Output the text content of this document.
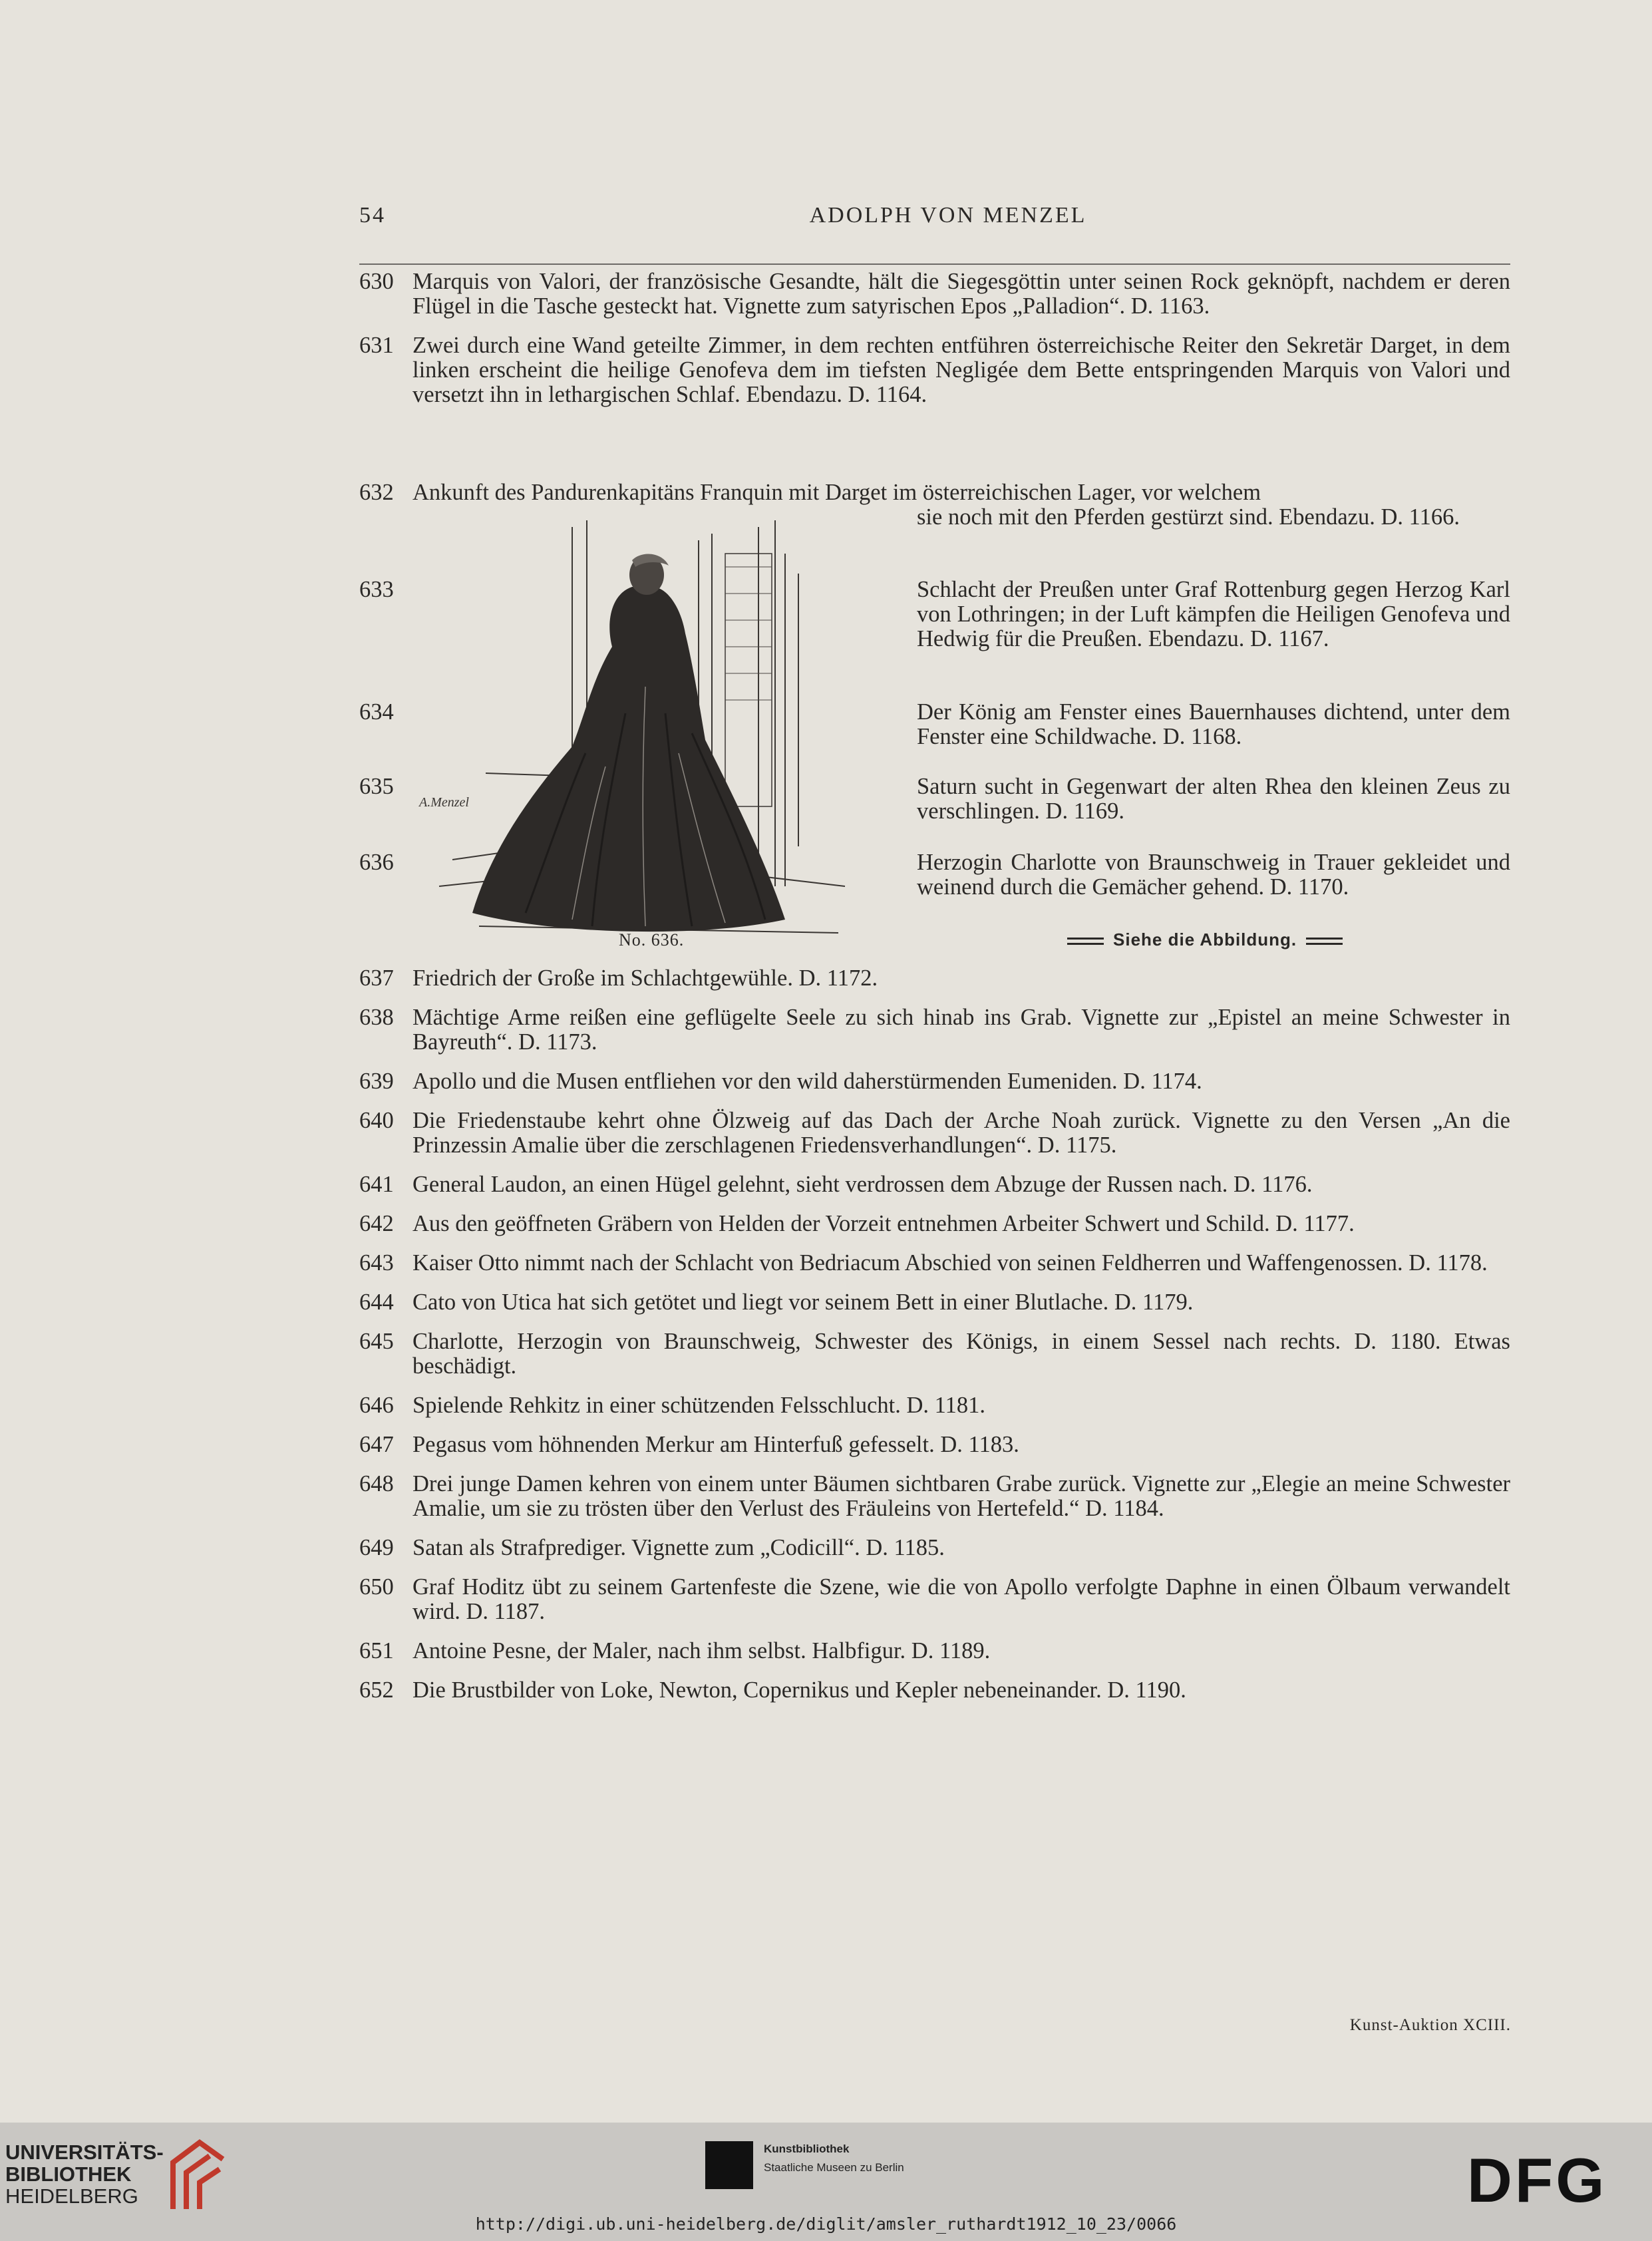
54	ADOLPH VON MENZEL
630 Marquis von Valori, der französische Gesandte, hält die Siegesgöttin unter seinen Rock geknöpft, nachdem er deren Flügel in die Tasche gesteckt hat. Vignette zum satyrischen Epos „Palladion“. D. 1163.
631 Zwei durch eine Wand geteilte Zimmer, in dem rechten entführen österreichische Reiter den Sekretär Darget, in dem linken erscheint die heilige Genofeva dem im tiefsten Negligée dem Bette entspringenden Marquis von Valori und versetzt ihn in lethargischen Schlaf. Ebendazu. D. 1164.
632 Ankunft des Pandurenkapitäns Franquin mit Darget im österreichischen Lager, vor welchem
sie noch mit den Pferden gestürzt sind. Ebendazu. D. 1166.
633	Schlacht der Preußen unter Graf Rottenburg gegen Herzog Karl von Lothringen; in der Luft kämpfen die Heiligen Genofeva und Hedwig für die Preußen. Ebendazu. D. 1167.
634	Der König am Fenster eines Bauernhauses dichtend, unter dem Fenster eine Schildwache. D. 1168.
635	Saturn sucht in Gegenwart der alten Rhea den kleinen Zeus zu verschlingen. D. 1169.
636	Herzogin Charlotte von Braunschweig in Trauer gekleidet und weinend durch die Gemächer gehend. D. 1170.
A.Menzel
No. 636.	Siehe die Abbildung.
637 Friedrich der Große im Schlachtgewühle. D. 1172.
638 Mächtige Arme reißen eine geflügelte Seele zu sich hinab ins Grab. Vignette zur „Epistel an meine Schwester in Bayreuth“. D. 1173.
639 Apollo und die Musen entfliehen vor den wild daherstürmenden Eumeniden. D. 1174.
640 Die Friedenstaube kehrt ohne Ölzweig auf das Dach der Arche Noah zurück. Vignette zu den Versen „An die Prinzessin Amalie über die zerschlagenen Friedensverhandlungen“. D. 1175.
641 General Laudon, an einen Hügel gelehnt, sieht verdrossen dem Abzuge der Russen nach. D. 1176.
642 Aus den geöffneten Gräbern von Helden der Vorzeit entnehmen Arbeiter Schwert und Schild. D. 1177.
643 Kaiser Otto nimmt nach der Schlacht von Bedriacum Abschied von seinen Feldherren und Waffengenossen. D. 1178.
644 Cato von Utica hat sich getötet und liegt vor seinem Bett in einer Blutlache. D. 1179.
645 Charlotte, Herzogin von Braunschweig, Schwester des Königs, in einem Sessel nach rechts. D. 1180. Etwas beschädigt.
646 Spielende Rehkitz in einer schützenden Felsschlucht. D. 1181.
647 Pegasus vom höhnenden Merkur am Hinterfuß gefesselt. D. 1183.
648 Drei junge Damen kehren von einem unter Bäumen sichtbaren Grabe zurück. Vignette zur „Elegie an meine Schwester Amalie, um sie zu trösten über den Verlust des Fräuleins von Hertefeld.“ D. 1184.
649 Satan als Strafprediger. Vignette zum „Codicill“. D. 1185.
650 Graf Hoditz übt zu seinem Gartenfeste die Szene, wie die von Apollo verfolgte Daphne in einen Ölbaum verwandelt wird. D. 1187.
651 Antoine Pesne, der Maler, nach ihm selbst. Halbfigur. D. 1189.
652 Die Brustbilder von Loke, Newton, Copernikus und Kepler nebeneinander. D. 1190.
Kunst-Auktion XCIII.
UNIVERSITÄTS-
BIBLIOTHEK
HEIDELBERG
Kunstbibliothek
Staatliche Museen zu Berlin	DFG
http://digi.ub.uni-heidelberg.de/diglit/amsler_ruthardt1912_10_23/0066
